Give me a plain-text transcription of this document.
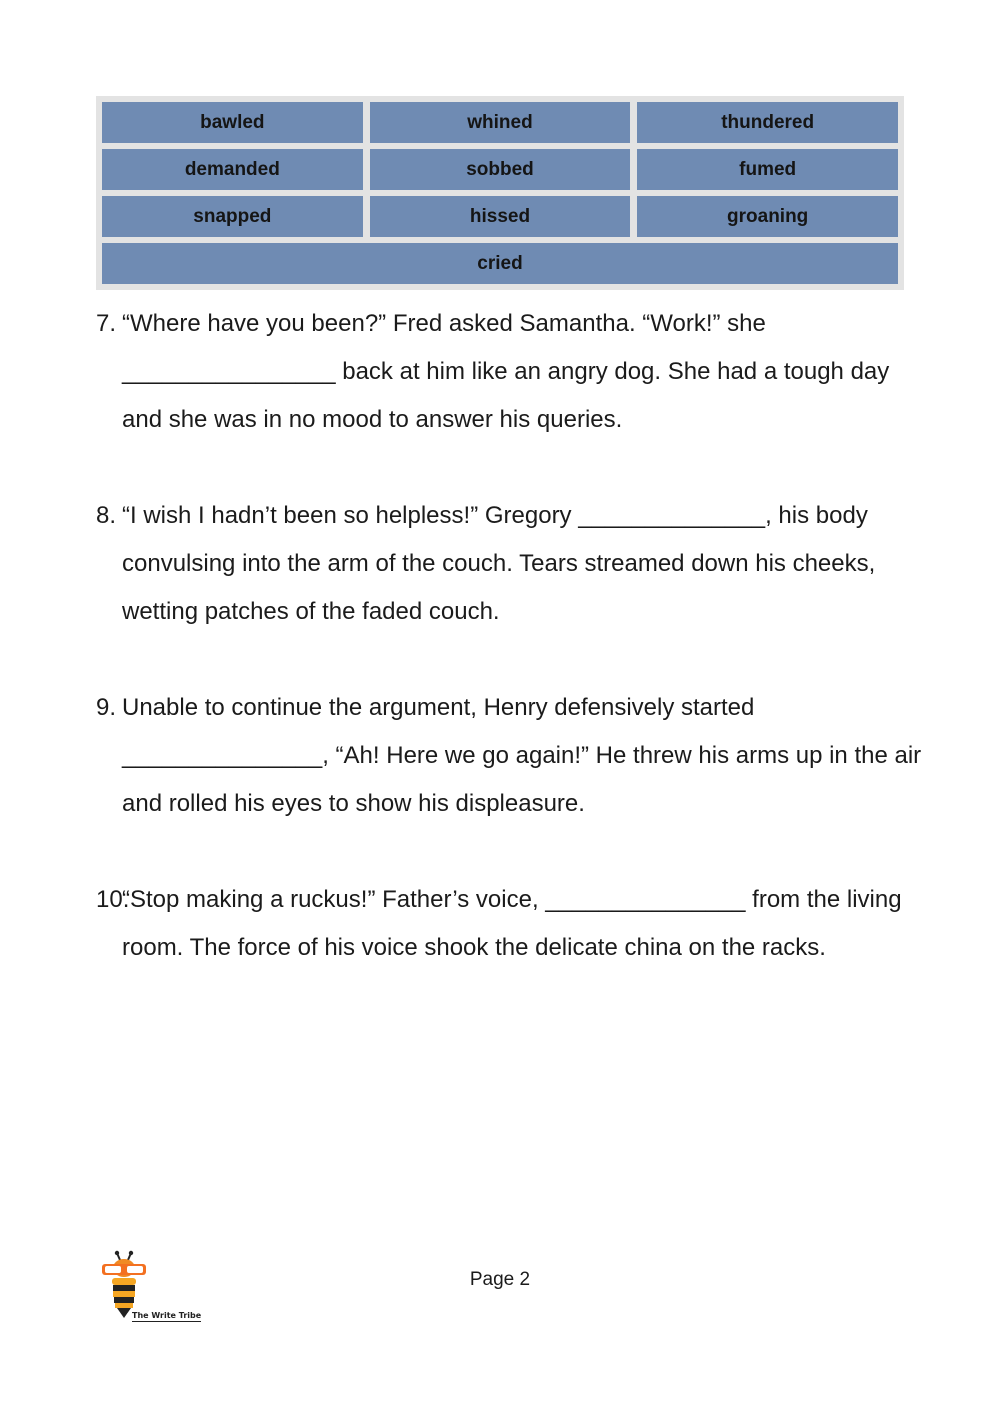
bawled	whined	thundered
demanded	sobbed	fumed
snapped	hissed	groaning
cried
7. “Where have you been?” Fred asked Samantha. “Work!” she ________________ back at him like an angry dog. She had a tough day and she was in no mood to answer his queries.
8. “I wish I hadn’t been so helpless!” Gregory ______________, his body convulsing into the arm of the couch. Tears streamed down his cheeks, wetting patches of the faded couch.
9. Unable to continue the argument, Henry defensively started _______________, “Ah! Here we go again!” He threw his arms up in the air and rolled his eyes to show his displeasure.
10.
“Stop making a ruckus!” Father’s voice, _______________ from the living room. The force of his voice shook the delicate china on the racks.
The Write Tribe
Page 2
